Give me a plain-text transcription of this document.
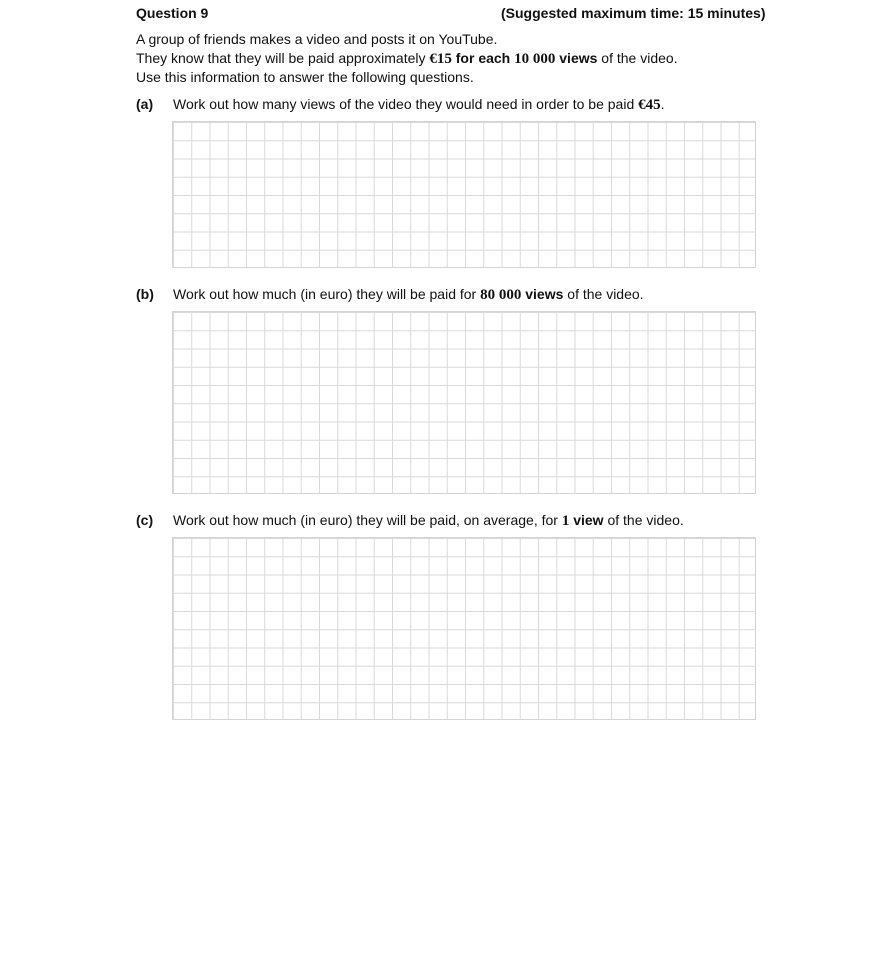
Question 9	(Suggested maximum time: 15 minutes)
A group of friends makes a video and posts it on YouTube.
They know that they will be paid approximately €15 for each 10 000 views of the video.
Use this information to answer the following questions.
(a) Work out how many views of the video they would need in order to be paid €45.
(b) Work out how much (in euro) they will be paid for 80 000 views of the video.
(c) Work out how much (in euro) they will be paid, on average, for 1 view of the video.
